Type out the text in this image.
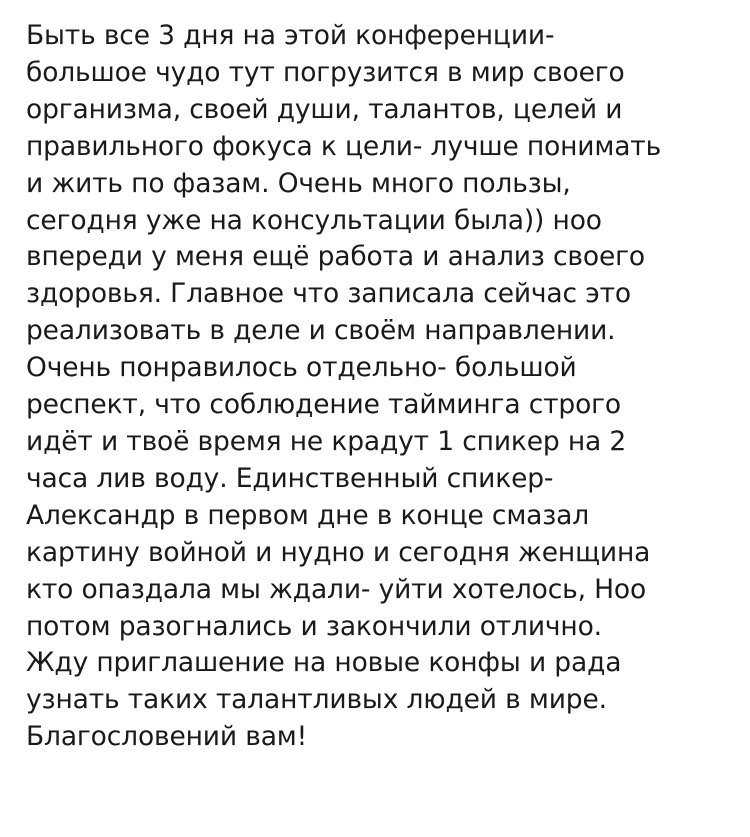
Быть все 3 дня на этой конференции-
большое чудо тут погрузится в мир своего
организма, своей души, талантов, целей и
правильного фокуса к цели- лучше понимать
и жить по фазам. Очень много пользы,
сегодня уже на консультации была)) ноо
впереди у меня ещё работа и анализ своего
здоровья. Главное что записала сейчас это
реализовать в деле и своём направлении.
Очень понравилось отдельно- большой
респект, что соблюдение тайминга строго
идёт и твоё время не крадут 1 спикер на 2
часа лив воду. Единственный спикер-
Александр в первом дне в конце смазал
картину войной и нудно и сегодня женщина
кто опаздала мы ждали- уйти хотелось, Ноо
потом разогнались и закончили отлично.
Жду приглашение на новые конфы и рада
узнать таких талантливых людей в мире.
Благословений вам!
